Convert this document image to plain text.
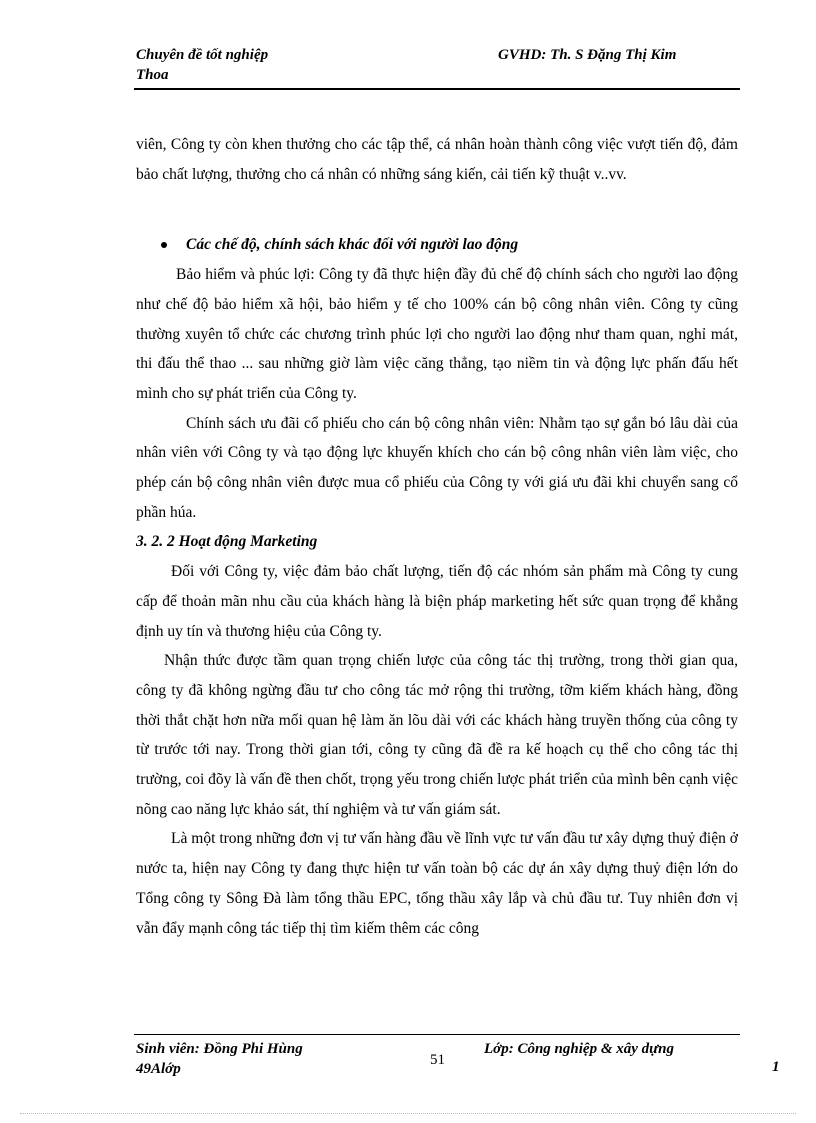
Chuyên đề tốt nghiệp
Thoa
GVHD: Th. S Đặng Thị Kim

viên, Công ty còn khen thưởng cho các tập thể, cá nhân hoàn thành công việc vượt tiến độ, đảm bảo chất lượng, thưởng cho cá nhân có những sáng kiến, cải tiến kỹ thuật v..vv.

Các chế độ, chính sách khác đối với người lao động

Bảo hiểm và phúc lợi: Công ty đã thực hiện đầy đủ chế độ chính sách cho người lao động như chế độ bảo hiểm xã hội, bảo hiểm y tế cho 100% cán bộ công nhân viên. Công ty cũng thường xuyên tổ chức các chương trình phúc lợi cho người lao động như tham quan, nghỉ mát, thi đấu thể thao ... sau những giờ làm việc căng thẳng, tạo niềm tin và động lực phấn đấu hết mình cho sự phát triển của Công ty.

Chính sách ưu đãi cổ phiếu cho cán bộ công nhân viên: Nhằm tạo sự gắn bó lâu dài của nhân viên với Công ty và tạo động lực khuyến khích cho cán bộ công nhân viên làm việc, cho phép cán bộ công nhân viên được mua cổ phiếu của Công ty với giá ưu đãi khi chuyển sang cổ phần húa.

3. 2. 2 Hoạt động Marketing

Đối với Công ty, việc đảm bảo chất lượng, tiến độ các nhóm sản phẩm mà Công ty cung cấp để thoản mãn nhu cầu của khách hàng là biện pháp marketing hết sức quan trọng để khẳng định uy tín và thương hiệu của Công ty.

Nhận thức được tầm quan trọng chiến lược của công tác thị trường, trong thời gian qua, công ty đã không ngừng đầu tư cho công tác mở rộng thi trường, tỡm kiếm khách hàng, đồng thời thắt chặt hơn nữa mối quan hệ làm ăn lõu dài với các khách hàng truyền thống của công ty từ trước tới nay. Trong thời gian tới, công ty cũng đã đề ra kế hoạch cụ thể cho công tác thị trường, coi đõy là vấn đề then chốt, trọng yếu trong chiến lược phát triển của mình bên cạnh việc nõng cao năng lực khảo sát, thí nghiệm và tư vấn giám sát.

Là một trong những đơn vị tư vấn hàng đầu về lĩnh vực tư vấn đầu tư xây dựng thuỷ điện ở nước ta, hiện nay Công ty đang thực hiện tư vấn toàn bộ các dự án xây dựng thuỷ điện lớn do Tổng công ty Sông Đà làm tổng thầu EPC, tổng thầu xây lắp và chủ đầu tư. Tuy nhiên đơn vị vẫn đẩy mạnh công tác tiếp thị tìm kiếm thêm các công

Sinh viên: Đồng Phi Hùng
49Alớp
51
Lớp: Công nghiệp & xây dựng
1
